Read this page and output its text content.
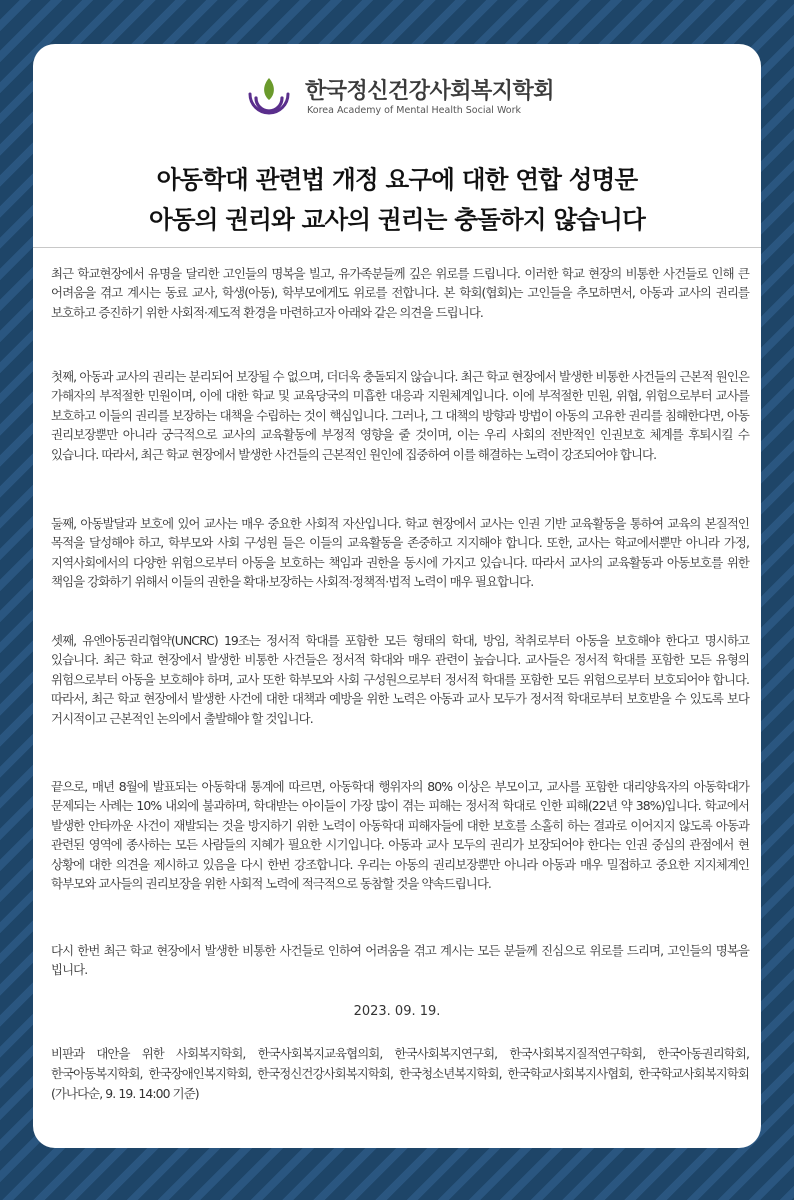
한국정신건강사회복지학회
Korea Academy of Mental Health Social Work
아동학대 관련법 개정 요구에 대한 연합 성명문
아동의 권리와 교사의 권리는 충돌하지 않습니다

최근 학교현장에서 유명을 달리한 고인들의 명복을 빌고, 유가족분들께 깊은 위로를 드립니다. 이러한 학교 현장의 비통한 사건들로 인해 큰 어려움을 겪고 계시는 동료 교사, 학생(아동), 학부모에게도 위로를 전합니다. 본 학회(협회)는 고인들을 추모하면서, 아동과 교사의 권리를 보호하고 증진하기 위한 사회적·제도적 환경을 마련하고자 아래와 같은 의견을 드립니다.

첫째, 아동과 교사의 권리는 분리되어 보장될 수 없으며, 더더욱 충돌되지 않습니다. 최근 학교 현장에서 발생한 비통한 사건들의 근본적 원인은 가해자의 부적절한 민원이며, 이에 대한 학교 및 교육당국의 미흡한 대응과 지원체계입니다. 이에 부적절한 민원, 위협, 위험으로부터 교사를 보호하고 이들의 권리를 보장하는 대책을 수립하는 것이 핵심입니다. 그러나, 그 대책의 방향과 방법이 아동의 고유한 권리를 침해한다면, 아동 권리보장뿐만 아니라 궁극적으로 교사의 교육활동에 부정적 영향을 줄 것이며, 이는 우리 사회의 전반적인 인권보호 체계를 후퇴시킬 수 있습니다. 따라서, 최근 학교 현장에서 발생한 사건들의 근본적인 원인에 집중하여 이를 해결하는 노력이 강조되어야 합니다.

둘째, 아동발달과 보호에 있어 교사는 매우 중요한 사회적 자산입니다. 학교 현장에서 교사는 인권 기반 교육활동을 통하여 교육의 본질적인 목적을 달성해야 하고, 학부모와 사회 구성원 들은 이들의 교육활동을 존중하고 지지해야 합니다. 또한, 교사는 학교에서뿐만 아니라 가정, 지역사회에서의 다양한 위험으로부터 아동을 보호하는 책임과 권한을 동시에 가지고 있습니다. 따라서 교사의 교육활동과 아동보호를 위한 책임을 강화하기 위해서 이들의 권한을 확대·보장하는 사회적·정책적·법적 노력이 매우 필요합니다.

셋째, 유엔아동권리협약(UNCRC) 19조는 정서적 학대를 포함한 모든 형태의 학대, 방임, 착취로부터 아동을 보호해야 한다고 명시하고 있습니다. 최근 학교 현장에서 발생한 비통한 사건들은 정서적 학대와 매우 관련이 높습니다. 교사들은 정서적 학대를 포함한 모든 유형의 위험으로부터 아동을 보호해야 하며, 교사 또한 학부모와 사회 구성원으로부터 정서적 학대를 포함한 모든 위험으로부터 보호되어야 합니다. 따라서, 최근 학교 현장에서 발생한 사건에 대한 대책과 예방을 위한 노력은 아동과 교사 모두가 정서적 학대로부터 보호받을 수 있도록 보다 거시적이고 근본적인 논의에서 출발해야 할 것입니다.

끝으로, 매년 8월에 발표되는 아동학대 통계에 따르면, 아동학대 행위자의 80% 이상은 부모이고, 교사를 포함한 대리양육자의 아동학대가 문제되는 사례는 10% 내외에 불과하며, 학대받는 아이들이 가장 많이 겪는 피해는 정서적 학대로 인한 피해(22년 약 38%)입니다. 학교에서 발생한 안타까운 사건이 재발되는 것을 방지하기 위한 노력이 아동학대 피해자들에 대한 보호를 소홀히 하는 결과로 이어지지 않도록 아동과 관련된 영역에 종사하는 모든 사람들의 지혜가 필요한 시기입니다. 아동과 교사 모두의 권리가 보장되어야 한다는 인권 중심의 관점에서 현 상황에 대한 의견을 제시하고 있음을 다시 한번 강조합니다. 우리는 아동의 권리보장뿐만 아니라 아동과 매우 밀접하고 중요한 지지체계인 학부모와 교사들의 권리보장을 위한 사회적 노력에 적극적으로 동참할 것을 약속드립니다.

다시 한번 최근 학교 현장에서 발생한 비통한 사건들로 인하여 어려움을 겪고 계시는 모든 분들께 진심으로 위로를 드리며, 고인들의 명복을 빕니다.

2023. 09. 19.

비판과 대안을 위한 사회복지학회, 한국사회복지교육협의회, 한국사회복지연구회, 한국사회복지질적연구학회, 한국아동권리학회, 한국아동복지학회, 한국장애인복지학회, 한국정신건강사회복지학회, 한국청소년복지학회, 한국학교사회복지사협회, 한국학교사회복지학회(가나다순, 9. 19. 14:00 기준)
